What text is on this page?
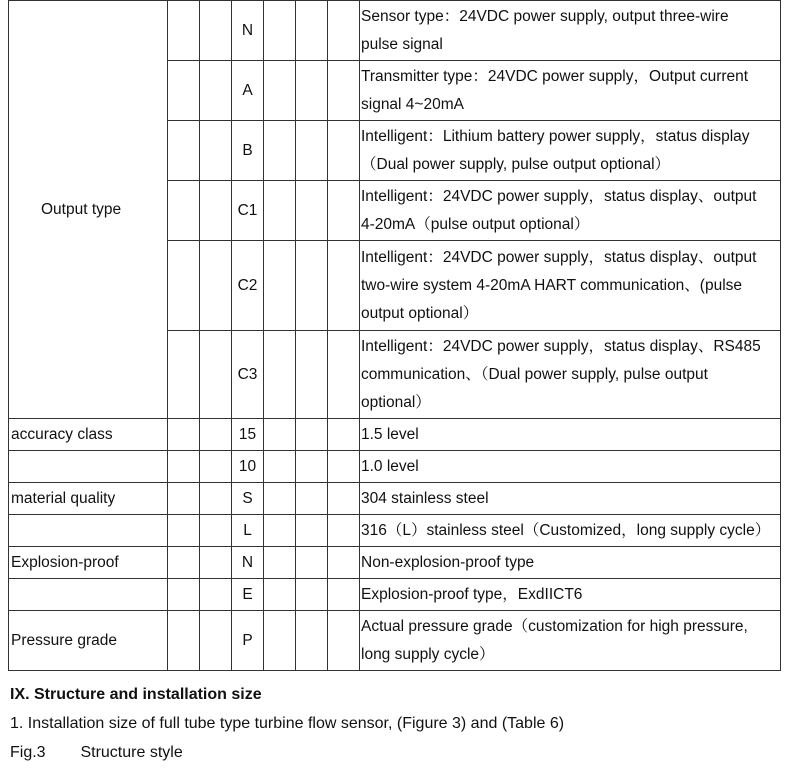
Output type			N				Sensor type：24VDC power supply, output three-wire
pulse signal

			A				Transmitter type：24VDC power supply，Output current
signal 4~20mA

			B				Intelligent：Lithium battery power supply，status display
（Dual power supply, pulse output optional）

			C1				Intelligent：24VDC power supply，status display、output
4-20mA（pulse output optional）

			C2				Intelligent：24VDC power supply，status display、output
two-wire system 4-20mA HART communication、(pulse
output optional）

			C3				Intelligent：24VDC power supply，status display、RS485
communication、（Dual power supply, pulse output
optional）

accuracy class			15				1.5 level

			10				1.0 level

material quality			S				304 stainless steel

			L				316（L）stainless steel（Customized，long supply cycle）

Explosion-proof			N				Non-explosion-proof type

			E				Explosion-proof type，ExdIICT6

Pressure grade			P				Actual pressure grade（customization for high pressure,
long supply cycle）
IX. Structure and installation size
1. Installation size of full tube type turbine flow sensor, (Figure 3) and (Table 6)
Fig.3 Structure style
